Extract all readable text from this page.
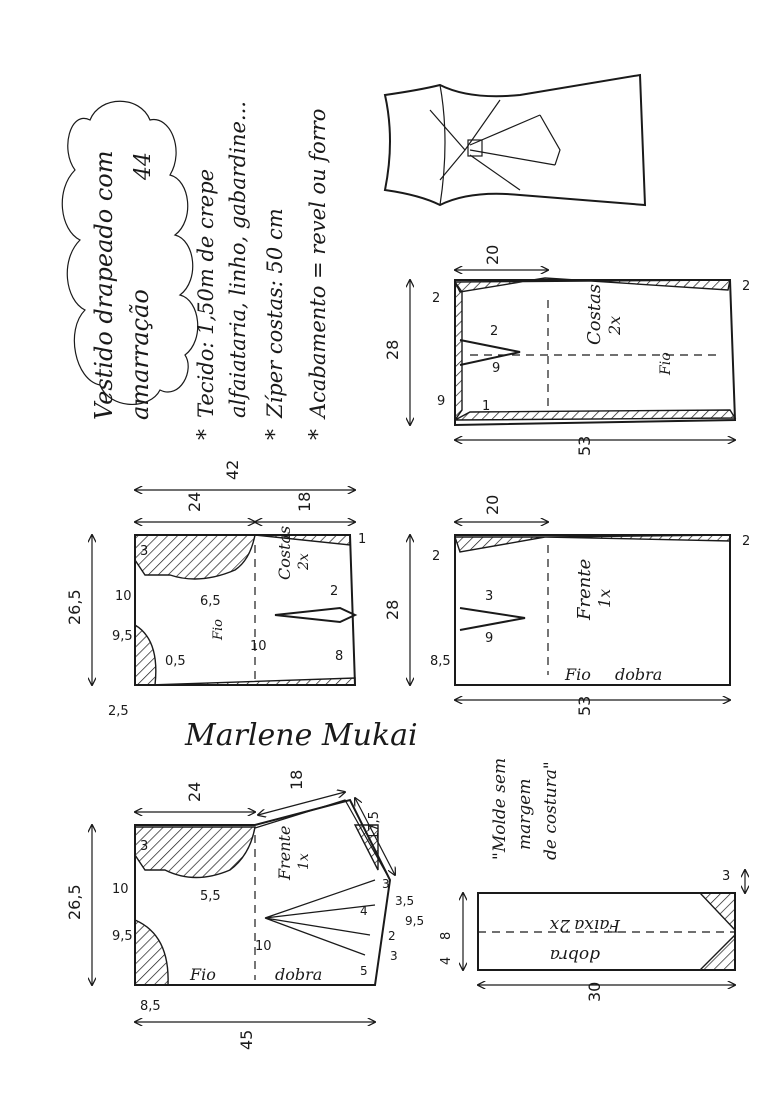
Vestido drapeado com amarração
44
*
Tecido: 1,50m de crepe alfaiataria, linho, gabardine...
*
Zíper costas: 50 cm
*
Acabamento = revel ou forro	20
28
53
Costas 2x
Fio
2
2
2
9
9	1
42
24	18
26,5
Costas 2x
Fio
3
10
9,5
6,5
0,5
2
10
8
2,5
1
20
28
53
Frente 1x
Fio dobra
2
2
3
9
8,5
Marlene Mukai
"Molde sem margem de costura"
45
24
18
17,5
26,5
Frente 1x
Fio	dobra
3
10
9,5
8,5
5,5
3
3,5
4
2
9,5
5
3
10
30
8
4
3
Faixa
2x
dobra
